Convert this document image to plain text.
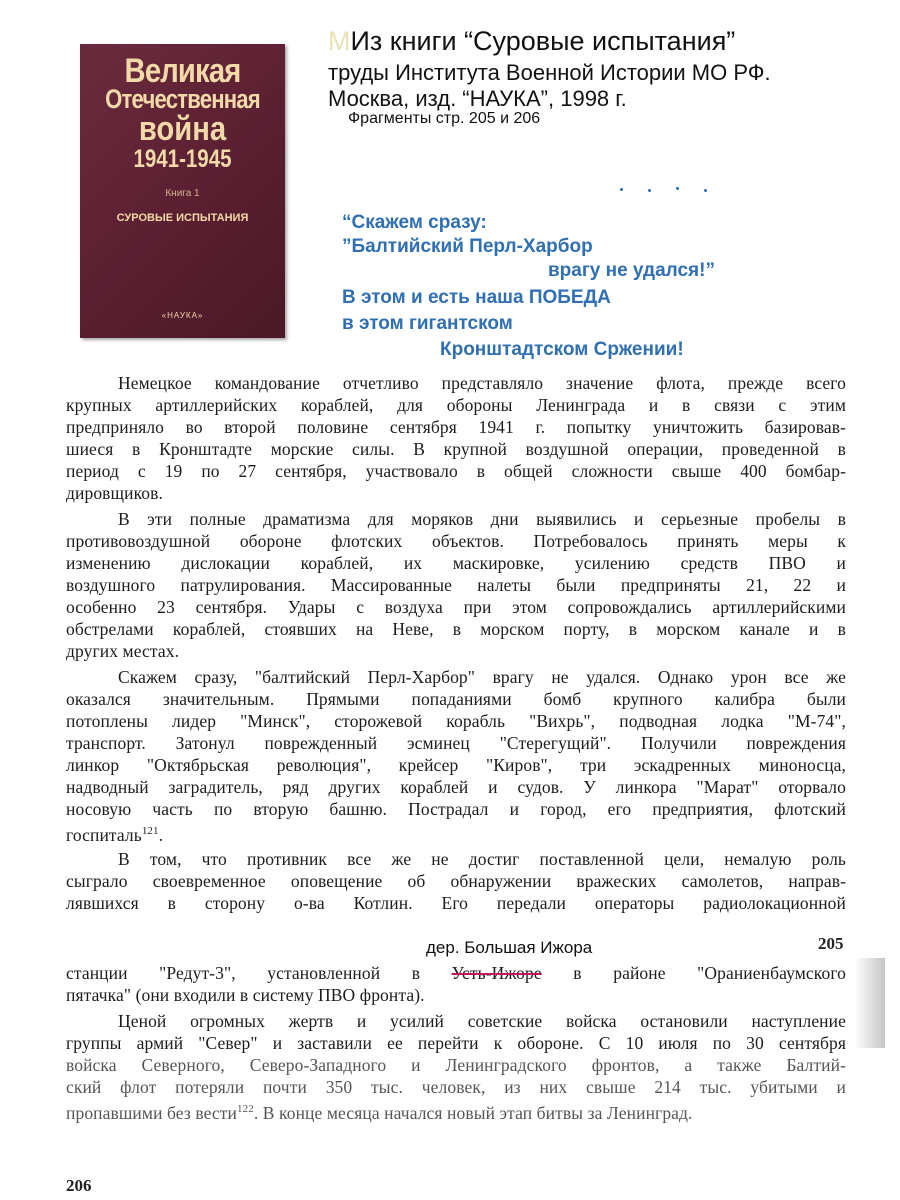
Великая
Отечественная
война
1941-1945
Книга 1
СУРОВЫЕ ИСПЫТАНИЯ
«НАУКА»
МИз книги “Суровые испытания”
труды Института Военной Истории МО РФ.
Москва, изд. “НАУКА”, 1998 г.
Фрагменты стр. 205 и 206
“Скажем сразу:
”Балтийский Перл-Харбор
врагу не удался!”
В этом и есть наша ПОБЕДА
в этом гигантском
Кронштадтском Сржении!
Немецкое командование отчетливо представляло значение флота, прежде всего
крупных артиллерийских кораблей, для обороны Ленинграда и в связи с этим
предприняло во второй половине сентября 1941 г. попытку уничтожить базировав-
шиеся в Кронштадте морские силы. В крупной воздушной операции, проведенной в
период с 19 по 27 сентября, участвовало в общей сложности свыше 400 бомбар-
дировщиков.
В эти полные драматизма для моряков дни выявились и серьезные пробелы в
противовоздушной обороне флотских объектов. Потребовалось принять меры к
изменению дислокации кораблей, их маскировке, усилению средств ПВО и
воздушного патрулирования. Массированные налеты были предприняты 21, 22 и
особенно 23 сентября. Удары с воздуха при этом сопровождались артиллерийскими
обстрелами кораблей, стоявших на Неве, в морском порту, в морском канале и в
других местах.
Скажем сразу, "балтийский Перл-Харбор" врагу не удался. Однако урон все же
оказался значительным. Прямыми попаданиями бомб крупного калибра были
потоплены лидер "Минск", сторожевой корабль "Вихрь", подводная лодка "М-74",
транспорт. Затонул поврежденный эсминец "Стерегущий". Получили повреждения
линкор "Октябрьская революция", крейсер "Киров", три эскадренных миноносца,
надводный заградитель, ряд других кораблей и судов. У линкора "Марат" оторвало
носовую часть по вторую башню. Пострадал и город, его предприятия, флотский
госпиталь$^{121}$.
В том, что противник все же не достиг поставленной цели, немалую роль
сыграло своевременное оповещение об обнаружении вражеских самолетов, направ-
лявшихся в сторону о-ва Котлин. Его передали операторы радиолокационной
дер. Большая Ижора	205
станции "Редут-3", установленной в Усть-Ижоре в районе "Ораниенбаумского
пятачка" (они входили в систему ПВО фронта).
Ценой огромных жертв и усилий советские войска остановили наступление
группы армий "Север" и заставили ее перейти к обороне. С 10 июля по 30 сентября
войска Северного, Северо-Западного и Ленинградского фронтов, а также Балтий-
ский флот потеряли почти 350 тыс. человек, из них свыше 214 тыс. убитыми и
пропавшими без вести$^{122}$. В конце месяца начался новый этап битвы за Ленинград.
206
